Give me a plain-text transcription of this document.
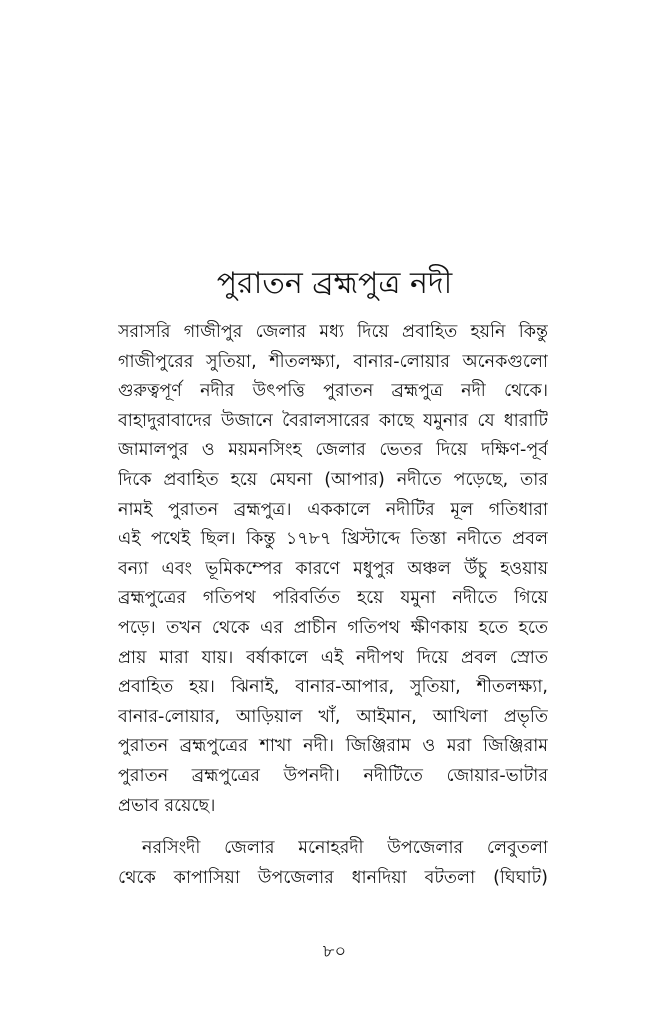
পুরাতন ব্রহ্মপুত্র নদী

সরাসরি গাজীপুর জেলার মধ্য দিয়ে প্রবাহিত হয়নি কিন্তু
গাজীপুরের সুতিয়া, শীতলক্ষ্যা, বানার-লোয়ার অনেকগুলো
গুরুত্বপূর্ণ নদীর উৎপত্তি পুরাতন ব্রহ্মপুত্র নদী থেকে।
বাহাদুরাবাদের উজানে বৈরালসারের কাছে যমুনার যে ধারাটি
জামালপুর ও ময়মনসিংহ জেলার ভেতর দিয়ে দক্ষিণ-পূর্ব
দিকে প্রবাহিত হয়ে মেঘনা (আপার) নদীতে পড়েছে, তার
নামই পুরাতন ব্রহ্মপুত্র। এককালে নদীটির মূল গতিধারা
এই পথেই ছিল। কিন্তু ১৭৮৭ খ্রিস্টাব্দে তিস্তা নদীতে প্রবল
বন্যা এবং ভূমিকম্পের কারণে মধুপুর অঞ্চল উঁচু হওয়ায়
ব্রহ্মপুত্রের গতিপথ পরিবর্তিত হয়ে যমুনা নদীতে গিয়ে
পড়ে। তখন থেকে এর প্রাচীন গতিপথ ক্ষীণকায় হতে হতে
প্রায় মারা যায়। বর্ষাকালে এই নদীপথ দিয়ে প্রবল স্রোত
প্রবাহিত হয়। ঝিনাই, বানার-আপার, সুতিয়া, শীতলক্ষ্যা,
বানার-লোয়ার, আড়িয়াল খাঁ, আইমান, আখিলা প্রভৃতি
পুরাতন ব্রহ্মপুত্রের শাখা নদী। জিঞ্জিরাম ও মরা জিঞ্জিরাম
পুরাতন ব্রহ্মপুত্রের উপনদী। নদীটিতে জোয়ার-ভাটার
প্রভাব রয়েছে।

নরসিংদী জেলার মনোহরদী উপজেলার লেবুতলা
থেকে কাপাসিয়া উপজেলার ধানদিয়া বটতলা (ঘিঘাট)

৮০
